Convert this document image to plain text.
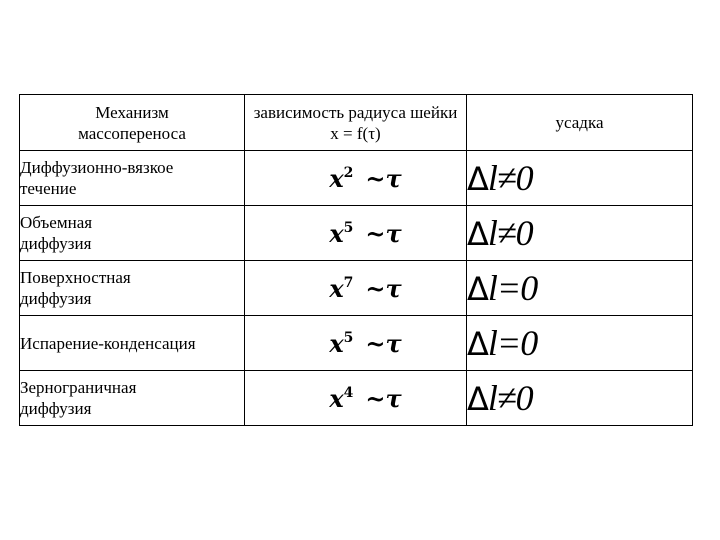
Механизм массопереноса	зависимость радиуса шейки x = f(τ)	усадка

Диффузионно-вязкое
течение	$x^2$ ~τ	Δl≠0

Объемная
диффузия	$x^5$ ~τ	Δl≠0

Поверхностная
диффузия	$x^7$ ~τ	Δl=0

Испарение-конденсация	$x^5$ ~τ	Δl=0

Зернограничная
диффузия	$x^4$ ~τ	Δl≠0
